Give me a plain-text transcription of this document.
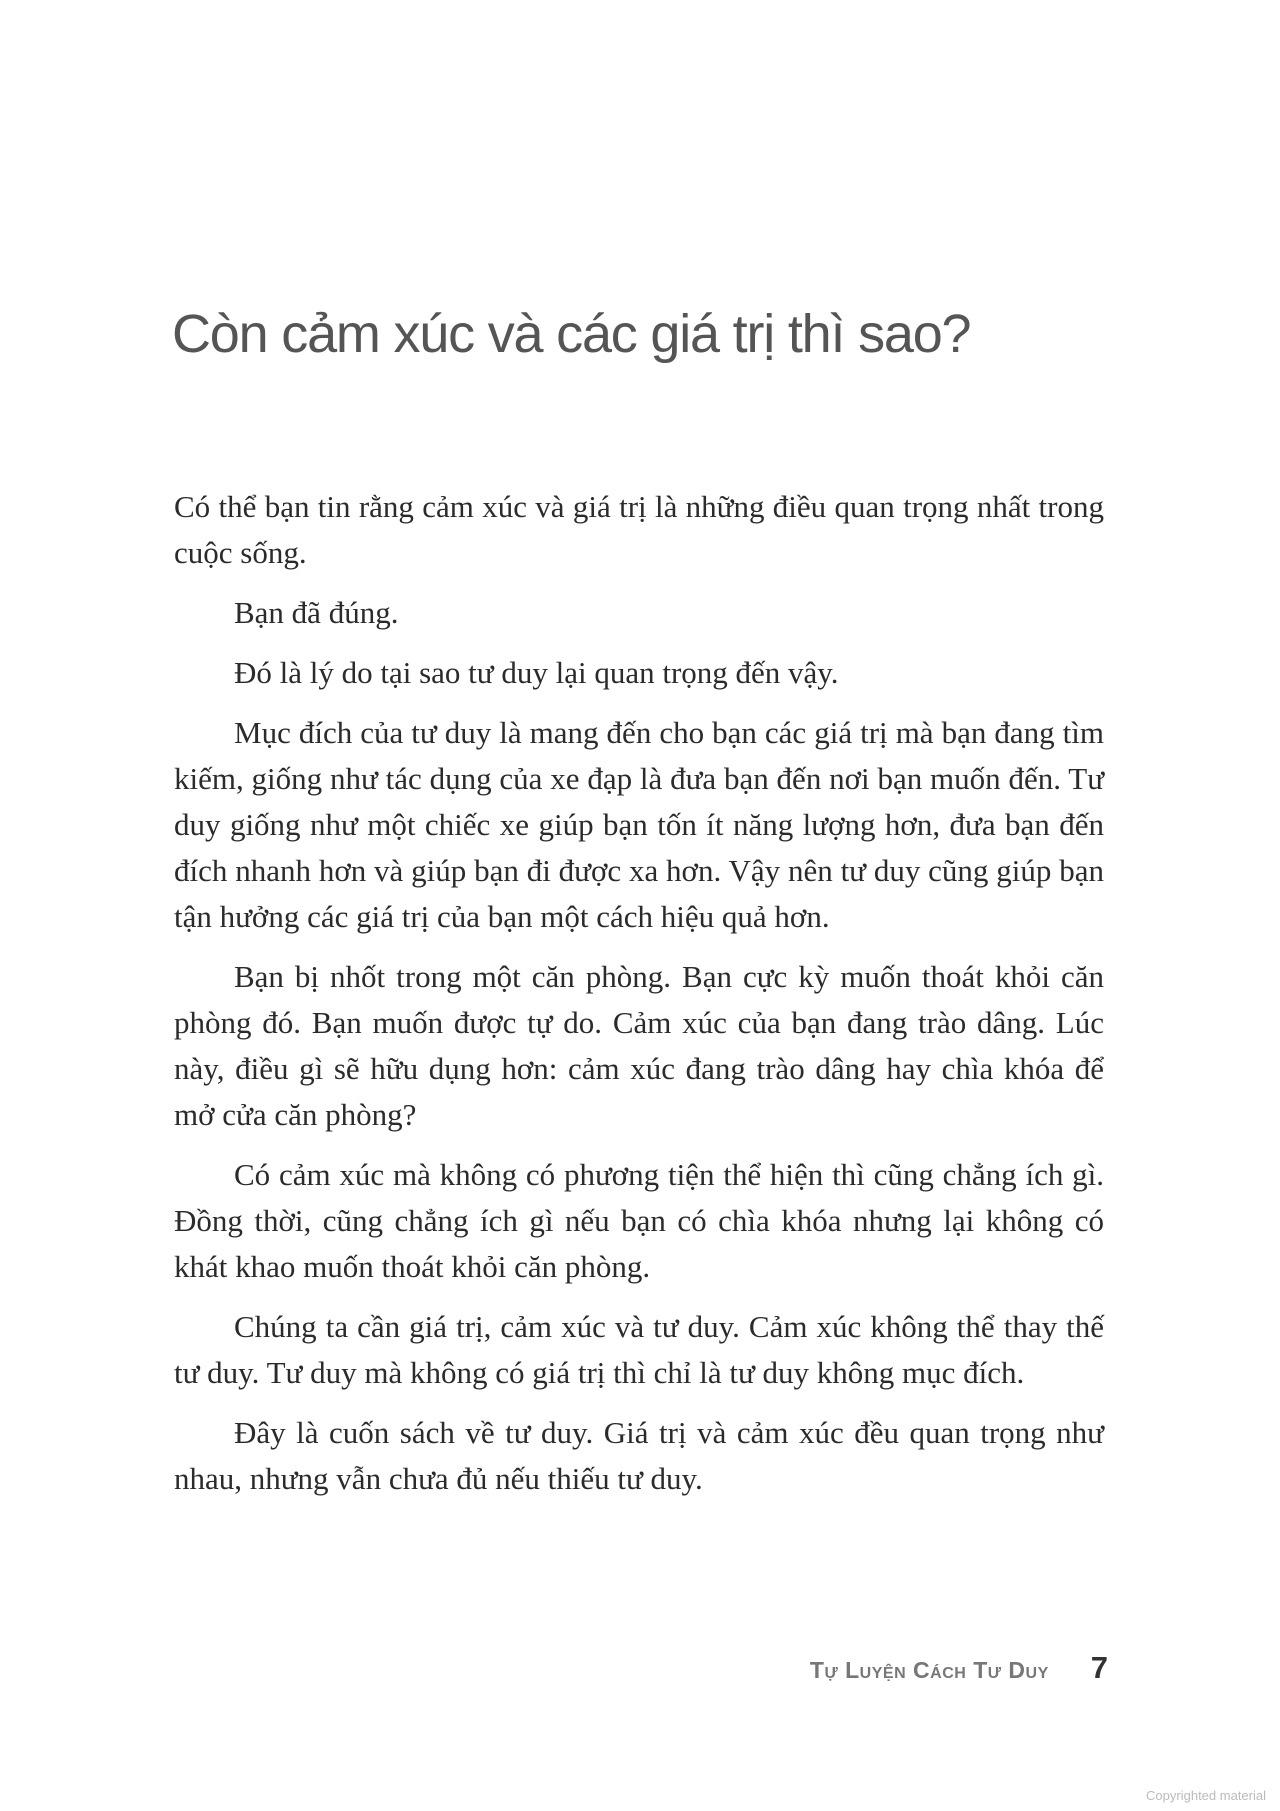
Còn cảm xúc và các giá trị thì sao?

Có thể bạn tin rằng cảm xúc và giá trị là những điều quan trọng nhất trong cuộc sống.

Bạn đã đúng.

Đó là lý do tại sao tư duy lại quan trọng đến vậy.

Mục đích của tư duy là mang đến cho bạn các giá trị mà bạn đang tìm kiếm, giống như tác dụng của xe đạp là đưa bạn đến nơi bạn muốn đến. Tư duy giống như một chiếc xe giúp bạn tốn ít năng lượng hơn, đưa bạn đến đích nhanh hơn và giúp bạn đi được xa hơn. Vậy nên tư duy cũng giúp bạn tận hưởng các giá trị của bạn một cách hiệu quả hơn.

Bạn bị nhốt trong một căn phòng. Bạn cực kỳ muốn thoát khỏi căn phòng đó. Bạn muốn được tự do. Cảm xúc của bạn đang trào dâng. Lúc này, điều gì sẽ hữu dụng hơn: cảm xúc đang trào dâng hay chìa khóa để mở cửa căn phòng?

Có cảm xúc mà không có phương tiện thể hiện thì cũng chẳng ích gì. Đồng thời, cũng chẳng ích gì nếu bạn có chìa khóa nhưng lại không có khát khao muốn thoát khỏi căn phòng.

Chúng ta cần giá trị, cảm xúc và tư duy. Cảm xúc không thể thay thế tư duy. Tư duy mà không có giá trị thì chỉ là tư duy không mục đích.

Đây là cuốn sách về tư duy. Giá trị và cảm xúc đều quan trọng như nhau, nhưng vẫn chưa đủ nếu thiếu tư duy.

Tự Luyện Cách Tư Duy 7
Copyrighted material
